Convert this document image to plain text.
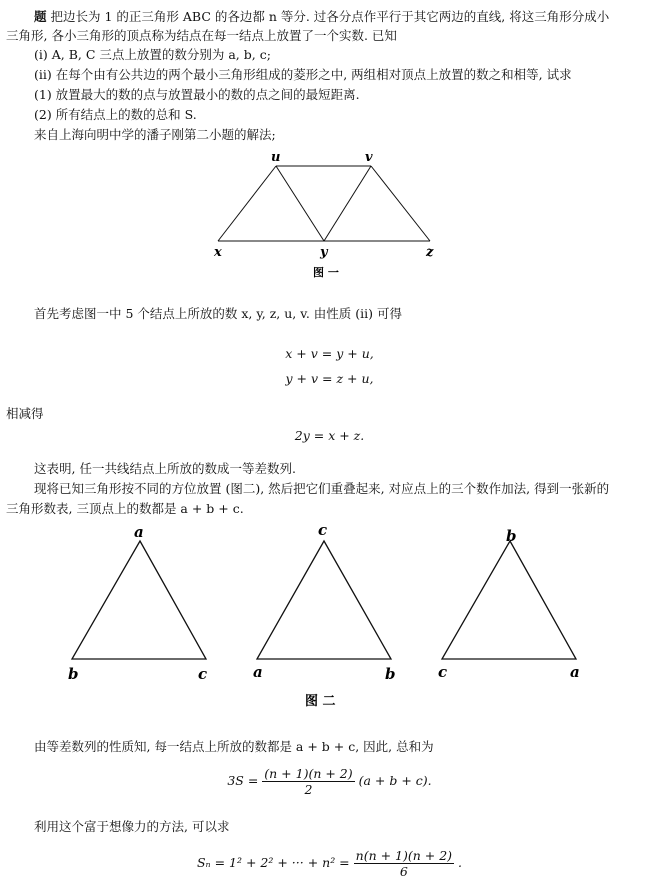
题 把边长为 1 的正三角形 ABC 的各边都 n 等分. 过各分点作平行于其它两边的直线, 将这三角形分成小
三角形, 各小三角形的顶点称为结点在每一结点上放置了一个实数. 已知
(i) A, B, C 三点上放置的数分别为 a, b, c;
(ii) 在每个由有公共边的两个最小三角形组成的菱形之中, 两组相对顶点上放置的数之和相等, 试求
(1) 放置最大的数的点与放置最小的数的点之间的最短距离.
(2) 所有结点上的数的总和 S.
来自上海向明中学的潘子刚第二小题的解法;
u	v
x	y	z
图 一
首先考虑图一中 5 个结点上所放的数 x, y, z, u, v. 由性质 (ii) 可得
x + v = y + u,
y + v = z + u,
相减得
2y = x + z.
这表明, 任一共线结点上所放的数成一等差数列.
现将已知三角形按不同的方位放置 (图二), 然后把它们重叠起来, 对应点上的三个数作加法, 得到一张新的
三角形数表, 三顶点上的数都是 a + b + c.
a
b	c
c
a	b
b
c	a
图 二
由等差数列的性质知, 每一结点上所放的数都是 a + b + c, 因此, 总和为
$3S = \frac{(n + 1)(n + 2)}{2} (a + b + c)$.
利用这个富于想像力的方法, 可以求
Sₙ = 1² + 2² + ··· + $n^2 = \frac{n(n + 1)(n + 2)}{6}$ .
